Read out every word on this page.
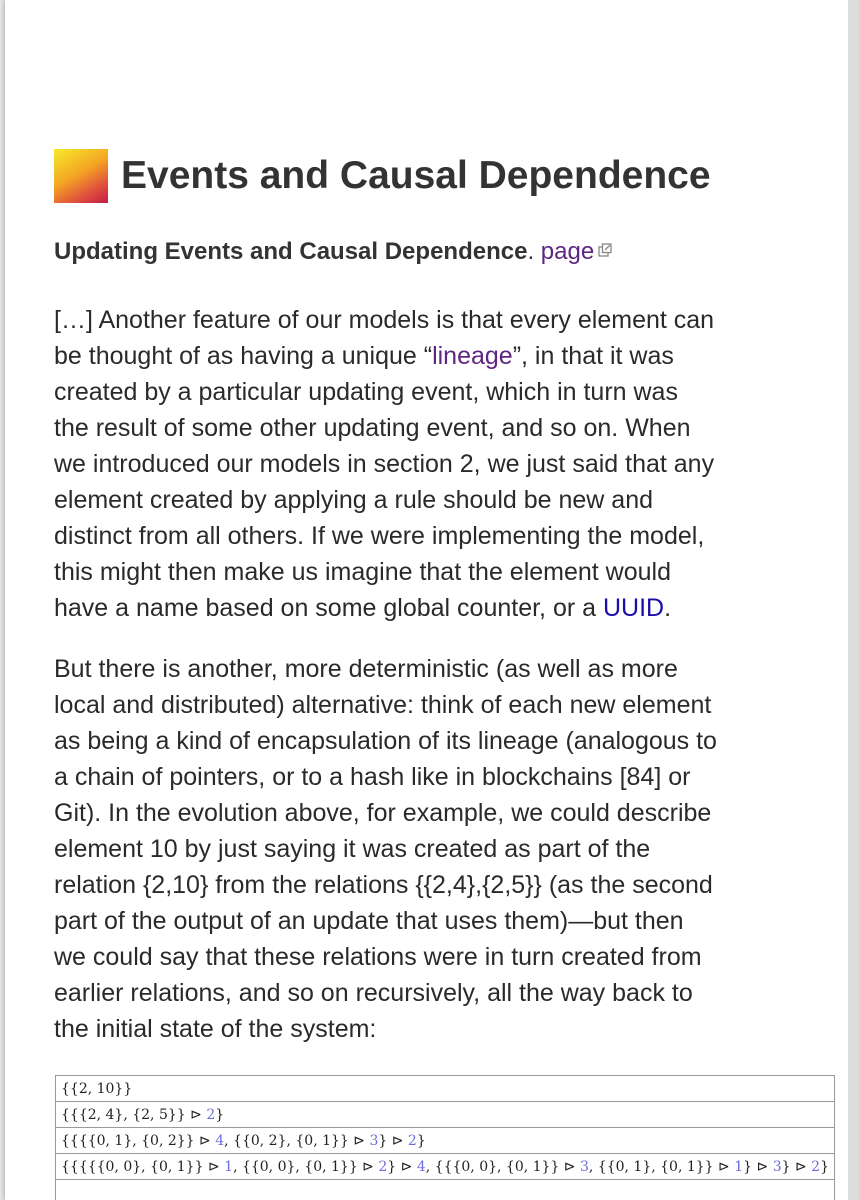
Events and Causal Dependence
Updating Events and Causal Dependence. page
[…] Another feature of our models is that every element can
be thought of as having a unique “lineage”, in that it was
created by a particular updating event, which in turn was
the result of some other updating event, and so on. When
we introduced our models in section 2, we just said that any
element created by applying a rule should be new and
distinct from all others. If we were implementing the model,
this might then make us imagine that the element would
have a name based on some global counter, or a UUID.
But there is another, more deterministic (as well as more
local and distributed) alternative: think of each new element
as being a kind of encapsulation of its lineage (analogous to
a chain of pointers, or to a hash like in blockchains [84] or
Git). In the evolution above, for example, we could describe
element 10 by just saying it was created as part of the
relation {2,10} from the relations {{2,4},{2,5}} (as the second
part of the output of an update that uses them)—but then
we could say that these relations were in turn created from
earlier relations, and so on recursively, all the way back to
the initial state of the system:
{{2, 10}}
{{{2, 4}, {2, 5}} ⊳ 2}
{{{{0, 1}, {0, 2}} ⊳ 4, {{0, 2}, {0, 1}} ⊳ 3} ⊳ 2}
{{{{{0, 0}, {0, 1}} ⊳ 1, {{0, 0}, {0, 1}} ⊳ 2} ⊳ 4, {{{0, 0}, {0, 1}} ⊳ 3, {{0, 1}, {0, 1}} ⊳ 1} ⊳ 3} ⊳ 2}
